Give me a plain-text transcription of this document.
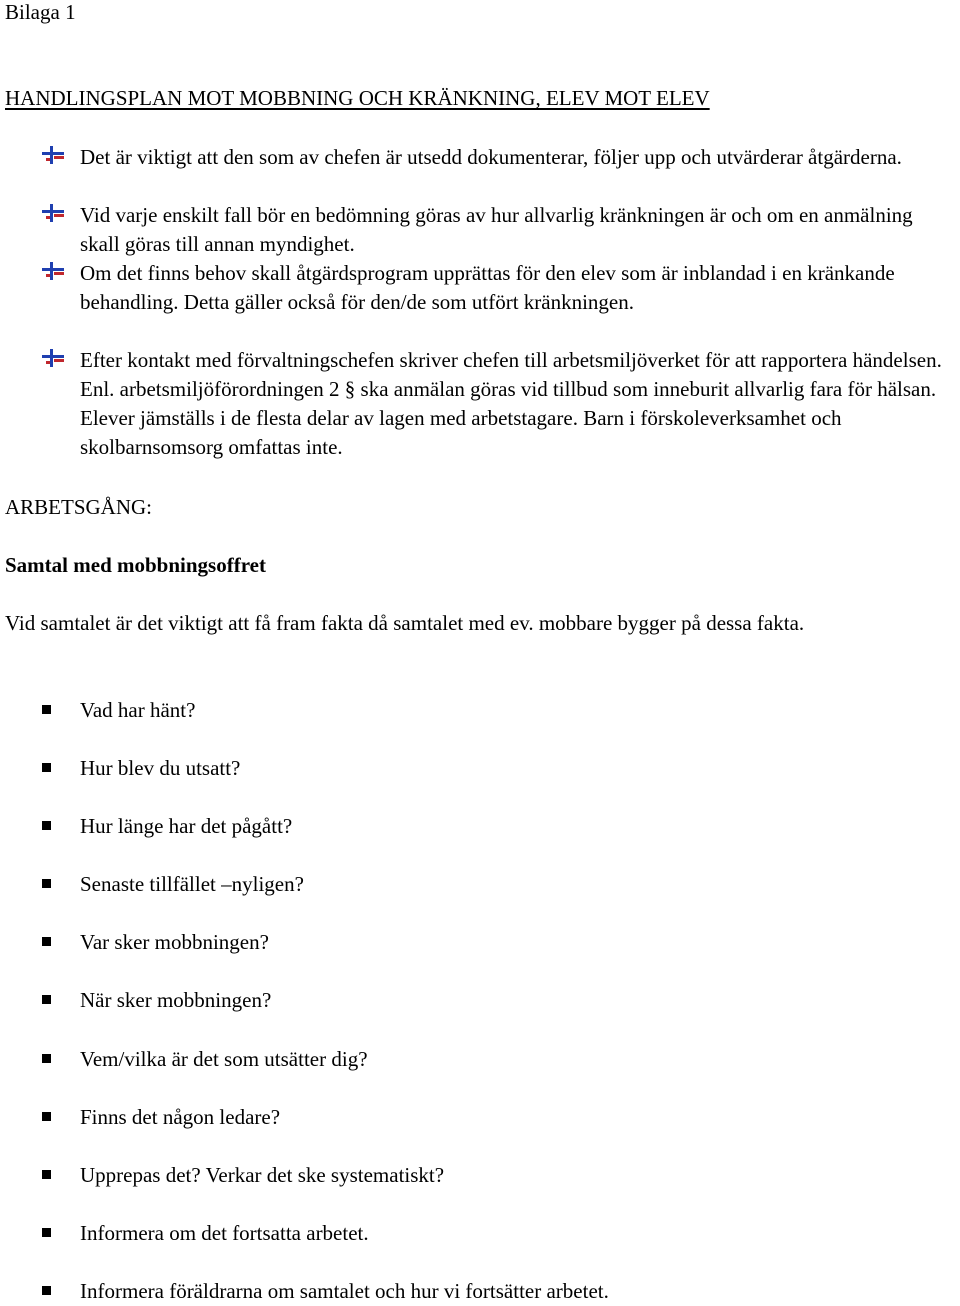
Bilaga 1
HANDLINGSPLAN MOT MOBBNING OCH KRÄNKNING, ELEV MOT ELEV
Det är viktigt att den som av chefen är utsedd dokumenterar, följer upp och utvärderar åtgärderna.
Vid varje enskilt fall bör en bedömning göras av hur allvarlig kränkningen är och om en anmälning skall göras till annan myndighet.
Om det finns behov skall åtgärdsprogram upprättas för den elev som är inblandad i en kränkande behandling. Detta gäller också för den/de som utfört kränkningen.
Efter kontakt med förvaltningschefen skriver chefen till arbetsmiljöverket för att rapportera händelsen. Enl. arbetsmiljöförordningen 2 § ska anmälan göras vid tillbud som inneburit allvarlig fara för hälsan. Elever jämställs i de flesta delar av lagen med arbetstagare. Barn i förskoleverksamhet och skolbarnsomsorg omfattas inte.
ARBETSGÅNG:
Samtal med mobbningsoffret
Vid samtalet är det viktigt att få fram fakta då samtalet med ev. mobbare bygger på dessa fakta.
Vad har hänt?
Hur blev du utsatt?
Hur länge har det pågått?
Senaste tillfället –nyligen?
Var sker mobbningen?
När sker mobbningen?
Vem/vilka är det som utsätter dig?
Finns det någon ledare?
Upprepas det? Verkar det ske systematiskt?
Informera om det fortsatta arbetet.
Informera föräldrarna om samtalet och hur vi fortsätter arbetet.
